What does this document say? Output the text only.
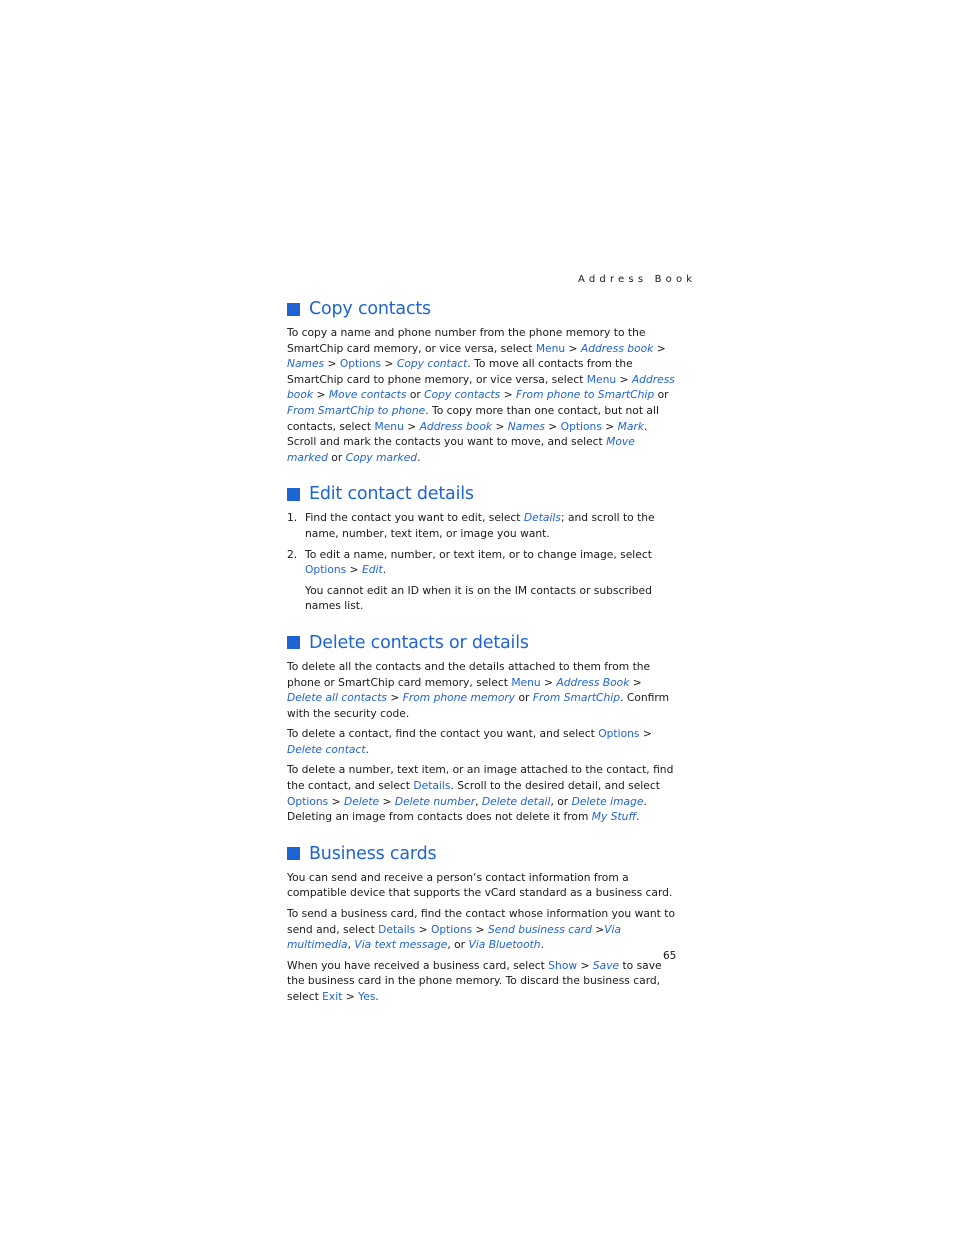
Address Book
Copy contacts

To copy a name and phone number from the phone memory to the SmartChip card memory, or vice versa, select Menu > Address book > Names > Options > Copy contact. To move all contacts from the SmartChip card to phone memory, or vice versa, select Menu > Address book > Move contacts or Copy contacts > From phone to SmartChip or From SmartChip to phone. To copy more than one contact, but not all contacts, select Menu > Address book > Names > Options > Mark. Scroll and mark the contacts you want to move, and select Move marked or Copy marked.

Edit contact details
1. Find the contact you want to edit, select Details; and scroll to the name, number, text item, or image you want.
2. To edit a name, number, or text item, or to change image, select Options > Edit.

You cannot edit an ID when it is on the IM contacts or subscribed names list.

Delete contacts or details

To delete all the contacts and the details attached to them from the phone or SmartChip card memory, select Menu > Address Book > Delete all contacts > From phone memory or From SmartChip. Confirm with the security code.

To delete a contact, find the contact you want, and select Options > Delete contact.

To delete a number, text item, or an image attached to the contact, find the contact, and select Details. Scroll to the desired detail, and select Options > Delete > Delete number, Delete detail, or Delete image. Deleting an image from contacts does not delete it from My Stuff.

Business cards

You can send and receive a person’s contact information from a compatible device that supports the vCard standard as a business card.

To send a business card, find the contact whose information you want to send and, select Details > Options > Send business card >Via multimedia, Via text message, or Via Bluetooth.

When you have received a business card, select Show > Save to save the business card in the phone memory. To discard the business card, select Exit > Yes.

65
